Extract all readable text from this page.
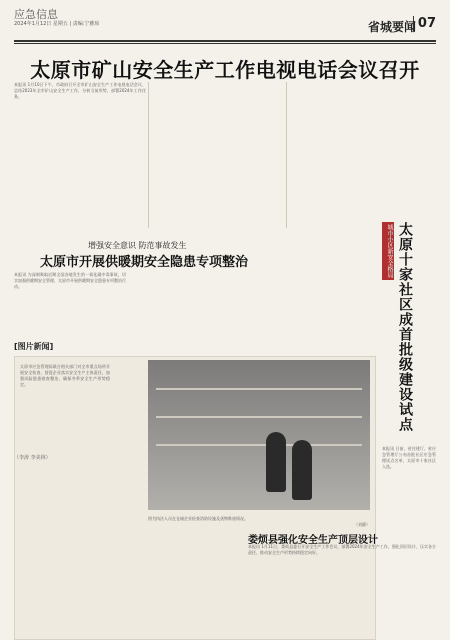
应急信息
2024年1月12日 星期五 | 责编:宁雅琼	省城要闻 07
太原市矿山安全生产工作电视电话会议召开

本报讯 1月10日下午，市政府召开全市矿山安全生产工作电视电话会议，总结2023年全市矿山安全生产工作，分析当前形势，部署2024年工作任务。

增强安全意识 防范事故发生
太原市开展供暖期安全隐患专项整治

本报讯 为深刻吸取近期全国各地发生的一氧化碳中毒事故，切实加强供暖期安全管理，太原市开展供暖期安全隐患专项整治行动。

城市小区新安全格局 太原十家社区成首批级建设试点

本报讯 日前，省住建厅、省应急管理厅公布首批社区应急管理试点名单，太原市十家社区入选。

[图片新闻]

太原市应急管理局联合相关部门对全市重点场所开展安全检查，督促企业落实安全生产主体责任，加强风险隐患排查整治，确保冬季安全生产形势稳定。

（李涛 李美林）

图为执法人员在仓储企业检查消防设施及货物堆放情况。

（刘静）

娄烦县强化安全生产顶层设计

本报讯 1月11日，娄烦县委召开安全生产工作会议，部署2024年安全生产工作，强化顶层设计，压实各方责任，推动安全生产形势持续稳定向好。
